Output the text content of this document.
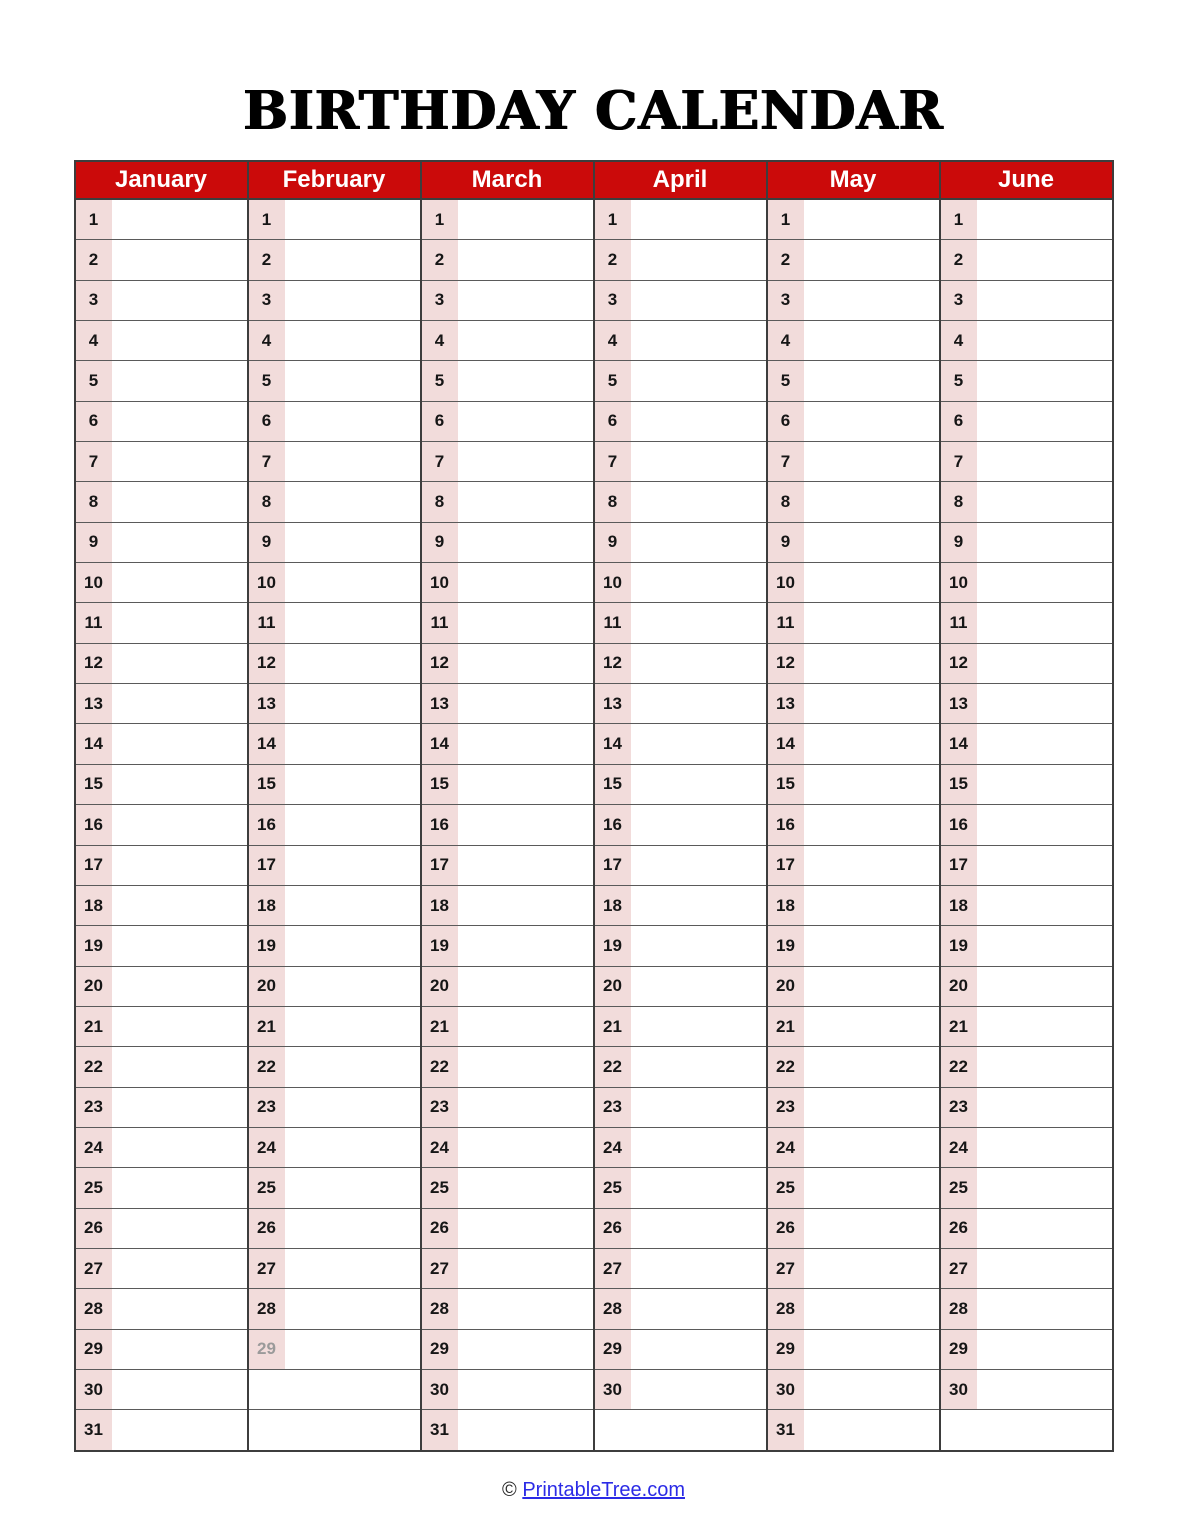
BIRTHDAY CALENDAR
January	February	March	April	May	June

1	1	1	1	1	1

2	2	2	2	2	2

3	3	3	3	3	3

4	4	4	4	4	4

5	5	5	5	5	5

6	6	6	6	6	6

7	7	7	7	7	7

8	8	8	8	8	8

9	9	9	9	9	9

10	10	10	10	10	10

11	11	11	11	11	11

12	12	12	12	12	12

13	13	13	13	13	13

14	14	14	14	14	14

15	15	15	15	15	15

16	16	16	16	16	16

17	17	17	17	17	17

18	18	18	18	18	18

19	19	19	19	19	19

20	20	20	20	20	20

21	21	21	21	21	21

22	22	22	22	22	22

23	23	23	23	23	23

24	24	24	24	24	24

25	25	25	25	25	25

26	26	26	26	26	26

27	27	27	27	27	27

28	28	28	28	28	28

29	29	29	29	29	29

30		30	30	30	30

31		31		31	

© PrintableTree.com
